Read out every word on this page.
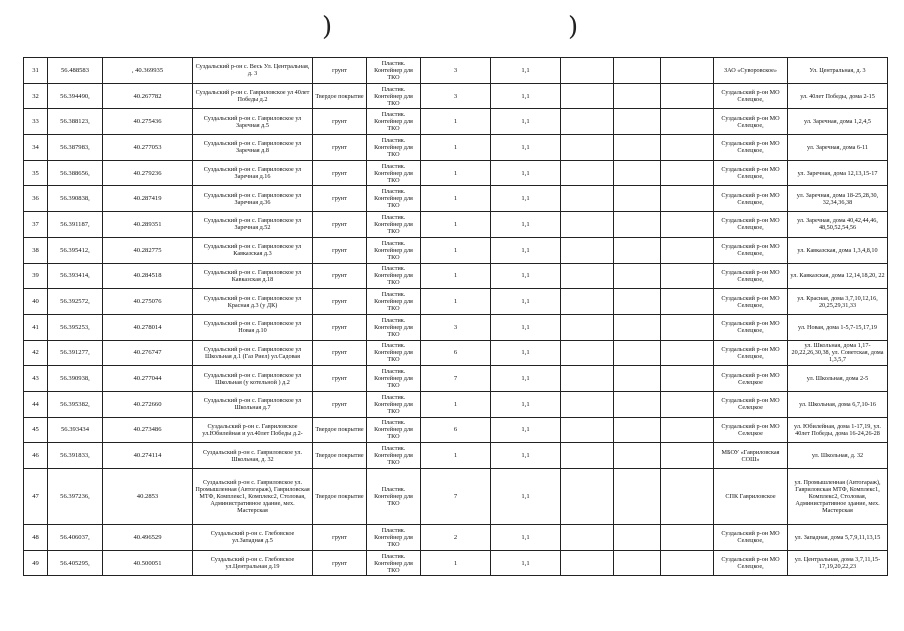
)	)
31	56.488583	, 40.369935	Суздальский р-он с. Весь Ул. Центральная, д. 3	грунт	Пластик. Контейнер для ТКО	3	1,1				ЗАО «Суворовское»	Ул. Центральная, д. 3
32	56.394490,	40.267782	Суздальский р-он с. Гавриловское ул 40лет Победы д.2	Твердое покрытие	Пластик. Контейнер для ТКО	3	1,1				Суздальский р-он МО Селецкое,	ул. 40лет Победы, дома 2-15
33	56.388123,	40.275436	Суздальский р-он с. Гавриловское ул Заречная д.5	грунт	Пластик. Контейнер для ТКО	1	1,1				Суздальский р-он МО Селецкое,	ул. Заречная, дома 1,2,4,5
34	56.387983,	40.277053	Суздальский р-он с. Гавриловское ул Заречная д.8	грунт	Пластик. Контейнер для ТКО	1	1,1				Суздальский р-он МО Селецкое,	ул. Заречная, дома 6-11
35	56.388656,	40.279236	Суздальский р-он с. Гавриловское ул Заречная д.16	грунт	Пластик. Контейнер для ТКО	1	1,1				Суздальский р-он МО Селецкое,	ул. Заречная, дома 12,13,15-17
36	56.390838,	40.287419	Суздальский р-он с. Гавриловское ул Заречная д.36	грунт	Пластик. Контейнер для ТКО	1	1,1				Суздальский р-он МО Селецкое,	ул. Заречная, дома 18-25,28,30, 32,34,36,38
37	56.391187,	40.289351	Суздальский р-он с. Гавриловское ул Заречная д.52	грунт	Пластик. Контейнер для ТКО	1	1,1				Суздальский р-он МО Селецкое,	ул. Заречная, дома 40,42,44,46, 48,50,52,54,56
38	56.395412,	40.282775	Суздальский р-он с. Гавриловское ул Кавказская д.3	грунт	Пластик. Контейнер для ТКО	1	1,1				Суздальский р-он МО Селецкое,	ул. Кавказская, дома 1,3,4,8,10
39	56.393414,	40.284518	Суздальский р-он с. Гавриловское ул Кавказская д.18	грунт	Пластик. Контейнер для ТКО	1	1,1				Суздальский р-он МО Селецкое,	ул. Кавказская, дома 12,14,18,20, 22
40	56.392572,	40.275076	Суздальский р-он с. Гавриловское ул Красная д.3 (у ДК)	грунт	Пластик. Контейнер для ТКО	1	1,1				Суздальский р-он МО Селецкое,	ул. Красная, дома 3,7,10,12,16, 20,25,29,31,33
41	56.395253,	40.278014	Суздальский р-он с. Гавриловское ул Новая д.10	грунт	Пластик. Контейнер для ТКО	3	1,1				Суздальский р-он МО Селецкое,	ул. Новая, дома 1-5,7-15,17,19
42	56.391277,	40.276747	Суздальский р-он с. Гавриловское ул Школьная д.1 (Газ Риел) ул.Садовая	грунт	Пластик. Контейнер для ТКО	6	1,1				Суздальский р-он МО Селецкое,	ул. Школьная, дома 1,17-20,22,26,30,38, ул. Советская, дома 1,3,5,7
43	56.390938,	40.277044	Суздальский р-он с. Гавриловское ул Школьная (у котельной ) д.2	грунт	Пластик. Контейнер для ТКО	7	1,1				Суздальский р-он МО Селецкое	ул. Школьная, дома 2-5
44	56.395382,	40.272660	Суздальский р-он с. Гавриловское ул Школьная д.7	грунт	Пластик. Контейнер для ТКО	1	1,1				Суздальский р-он МО Селецкое	ул. Школьная, дома 6,7,10-16
45	56.393434	40.273486	Суздальский р-он с. Гавриловское ул.Юбилейная и ул.40лет Победы д.2-	Твердое покрытие	Пластик. Контейнер для ТКО	6	1,1				Суздальский р-он МО Селецкое	ул. Юбилейная, дома 1-17,19, ул. 40лет Победы, дома 16-24,26-28
46	56.391833,	40.274114	Суздальский р-он с. Гавриловское ул. Школьная, д. 32	Твердое покрытие	Пластик. Контейнер для ТКО	1	1,1				МБОУ «Гавриловская СОШ»	ул. Школьная, д. 32
47	56.397236,	40.2853	Суздальский р-он с. Гавриловское ул. Промышленная (Автогараж), Гавриловская МТФ, Комплекс1, Комплекс2, Столовая, Административное здание, мех. Мастерская	Твердое покрытие	Пластик. Контейнер для ТКО	7	1,1				СПК Гавриловское	ул. Промышленная (Автогараж), Гавриловская МТФ, Комплекс1, Комплекс2, Столовая, Административное здание, мех. Мастерская
48	56.406037,	40.496529	Суздальский р-он с. Глебовское ул.Западная д.5	грунт	Пластик. Контейнер для ТКО	2	1,1				Суздальский р-он МО Селецкое,	ул. Западная, дома 5,7,9,11,13,15
49	56.405295,	40.500051	Суздальский р-он с. Глебовское ул.Центральная д.19	грунт	Пластик. Контейнер для ТКО	1	1,1				Суздальский р-он МО Селецкое,	ул. Центральная, дома 3,7,11,15-17,19,20,22,23
